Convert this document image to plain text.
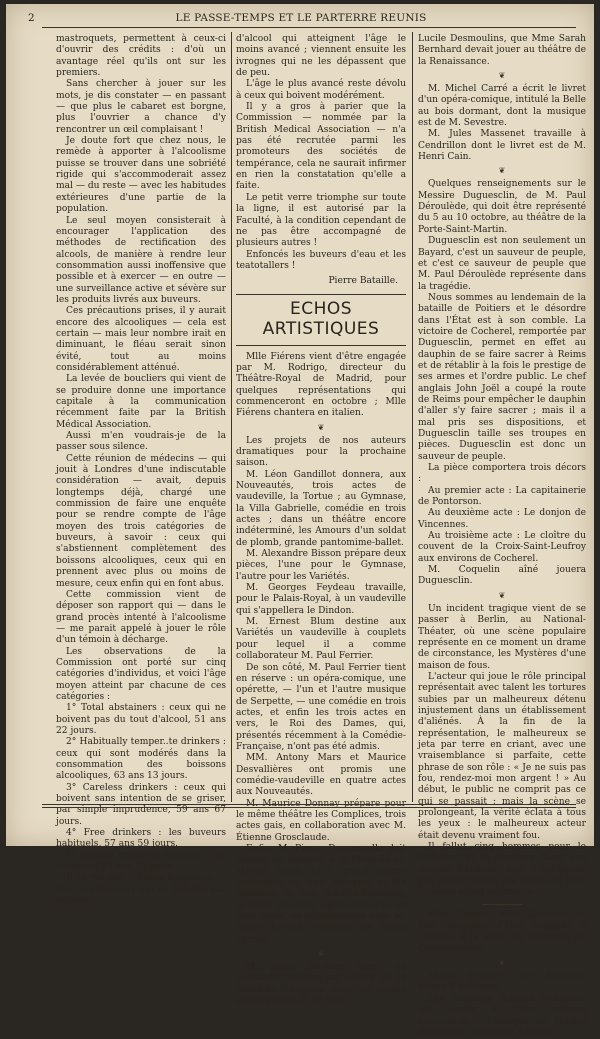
2	LE PASSE-TEMPS ET LE PARTERRE REUNIS

mastroquets, permettent à ceux-ci d'ouvrir des crédits : d'où un avantage réel qu'ils ont sur les premiers.

Sans chercher à jouer sur les mots, je dis constater — en passant — que plus le cabaret est borgne, plus l'ouvrier a chance d'y rencontrer un œil complaisant !

Je doute fort que chez nous, le remède à apporter à l'alcoolisme puisse se trouver dans une sobriété rigide qui s'accommoderait assez mal — du reste — avec les habitudes extérieures d'une partie de la population.

Le seul moyen consisterait à encourager l'application des méthodes de rectification des alcools, de manière à rendre leur consommation aussi inoffensive que possible et à exercer — en outre — une surveillance active et sévère sur les produits livrés aux buveurs.

Ces précautions prises, il y aurait encore des alcooliques — cela est certain — mais leur nombre irait en diminuant, le fléau serait sinon évité, tout au moins considérablement atténué.

La levée de boucliers qui vient de se produire donne une importance capitale à la communication récemment faite par la British Médical Association.

Aussi m'en voudrais-je de la passer sous silence.

Cette réunion de médecins — qui jouit à Londres d'une indiscutable considération — avait, depuis longtemps déjà, chargé une commission de faire une enquête pour se rendre compte de l'âge moyen des trois catégories de buveurs, à savoir : ceux qui s'abstiennent complètement des boissons alcooliques, ceux qui en prennent avec plus ou moins de mesure, ceux enfin qui en font abus.

Cette commission vient de déposer son rapport qui — dans le grand procès intenté à l'alcoolisme — me parait appelé à jouer le rôle d'un témoin à décharge.

Les observations de la Commission ont porté sur cinq catégories d'individus, et voici l'âge moyen atteint par chacune de ces catégories :

1° Total abstainers : ceux qui ne boivent pas du tout d'alcool, 51 ans 22 jours.

2° Habitually temper..te drinkers : ceux qui sont modérés dans la consommation des boissons alcooliques, 63 ans 13 jours.

3° Careless drinkers : ceux qui boivent sans intention de se griser, par simple imprudence, 59 ans 67 jours.

4° Free drinkers : les buveurs habituels, 57 ans 59 jours.

5° Decialy imperate drinkers : les ivrognes, 53 ans 13 jours.

Il en résulte — chose singulière — que ce sont ceux qui ne boivent pas du tout

d'alcool qui atteignent l'âge le moins avancé ; viennent ensuite les ivrognes qui ne les dépassent que de peu.

L'âge le plus avancé reste dévolu à ceux qui boivent modérément.

Il y a gros à parier que la Commission — nommée par la British Medical Association — n'a pas été recrutée parmi les promoteurs des sociétés de tempérance, cela ne saurait infirmer en rien la constatation qu'elle a faite.

Le petit verre triomphe sur toute la ligne, il est autorisé par la Faculté, à la condition cependant de ne pas être accompagné de plusieurs autres !

Enfoncés les buveurs d'eau et les teatotallers !

Pierre Bataille.

ECHOS ARTISTIQUES

Mlle Fiérens vient d'être engagée par M. Rodrigo, directeur du Théâtre-Royal de Madrid, pour quelques représentations qui commenceront en octobre ; Mlle Fiérens chantera en italien.

❦

Les projets de nos auteurs dramatiques pour la prochaine saison.

M. Léon Gandillot donnera, aux Nouveautés, trois actes de vaudeville, la Tortue ; au Gymnase, la Villa Gabrielle, comédie en trois actes ; dans un théâtre encore indéterminé, les Amours d'un soldat de plomb, grande pantomime-ballet.

M. Alexandre Bisson prépare deux pièces, l'une pour le Gymnase, l'autre pour les Variétés.

M. Georges Feydeau travaille, pour le Palais-Royal, à un vaudeville qui s'appellera le Dindon.

M. Ernest Blum destine aux Variétés un vaudeville à couplets pour lequel il a comme collaborateur M. Paul Ferrier.

De son côté, M. Paul Ferrier tient en réserve : un opéra-comique, une opérette, — l'un et l'autre musique de Serpette, — une comédie en trois actes, et enfin les trois actes en vers, le Roi des Dames, qui, présentés récemment à la Comédie-Française, n'ont pas été admis.

MM. Antony Mars et Maurice Desvallières ont promis une comédie-vaudeville en quatre actes aux Nouveautés.

M. Maurice Donnay prépare pour le même théâtre les Complices, trois actes gais, en collaboration avec M. Étienne Grosclaude.

Enfin, M. Pierre Decourcelle doit donner en octobre, à la Porte-Saint-Martin, Louis XVII, grand drame historique en trois époques et dix tableaux, et aux Bouffes-Parisiens, la Belle épicière, opéra-comique en trois actes, en collaboration avec M. Henri Keroul, musique de Louis Varney.

❦

M. Jules Barbier vient de demander lecture au comité de la Comédie-Française pour un drame en cinq actes et en vers,

Lucile Desmoulins, que Mme Sarah Bernhard devait jouer au théâtre de la Renaissance.

❦

M. Michel Carré a écrit le livret d'un opéra-comique, intitulé la Belle au bois dormant, dont la musique est de M. Sevestre.

M. Jules Massenet travaille à Cendrillon dont le livret est de M. Henri Cain.

❦

Quelques renseignements sur le Messire Duguesclin, de M. Paul Déroulède, qui doit être représenté du 5 au 10 octobre, au théâtre de la Porte-Saint-Martin.

Duguesclin est non seulement un Bayard, c'est un sauveur de peuple, et c'est ce sauveur de peuple que M. Paul Déroulède représente dans la tragédie.

Nous sommes au lendemain de la bataille de Poitiers et le désordre dans l'État est à son comble. La victoire de Cocherel, remportée par Duguesclin, permet en effet au dauphin de se faire sacrer à Reims et de rétablir à la fois le prestige de ses armes et l'ordre public. Le chef anglais John Joël a coupé la route de Reims pour empêcher le dauphin d'aller s'y faire sacrer ; mais il a mal pris ses dispositions, et Duguesclin taille ses troupes en pièces. Duguesclin est donc un sauveur de peuple.

La pièce comportera trois décors :

Au premier acte : La capitainerie de Pontorson.

Au deuxième acte : Le donjon de Vincennes.

Au troisième acte : Le cloître du couvent de la Croix-Saint-Leufroy aux environs de Cocherel.

M. Coquelin aîné jouera Duguesclin.

❦

Un incident tragique vient de se passer à Berlin, au National-Théater, où une scène populaire représente en ce moment un drame de circonstance, les Mystères d'une maison de fous.

L'acteur qui joue le rôle principal représentait avec talent les tortures subies par un malheureux détenu injustement dans un établissement d'aliénés. À la fin de la représentation, le malheureux se jeta par terre en criant, avec une vraisemblance si parfaite, cette phrase de son rôle : « Je ne suis pas fou, rendez-moi mon argent ! » Au début, le public ne comprit pas ce qui se passait ; mais la scène se prolongeant, la vérité éclata à tous les yeux : le malheureux acteur était devenu vraiment fou.

Il fallut cinq hommes pour le maîtriser et le conduire dans une maison d'aliénés, d'où il ne paraît pas devoir sortir, ses crises de folie furieuse ayant augmenté.

Mlle Combe, MM. Courtois et Poly viennent d'être engagés à l'Opéra, à la suite du concours du Conservatoire.

❦

Milan prépare une brillante saison d'automne.

Les journaux italiens indiquent les pièces à jouer comme nouveautés : l'Attaque du Moulin (Bruneau) ; Ninon de Lenclos
